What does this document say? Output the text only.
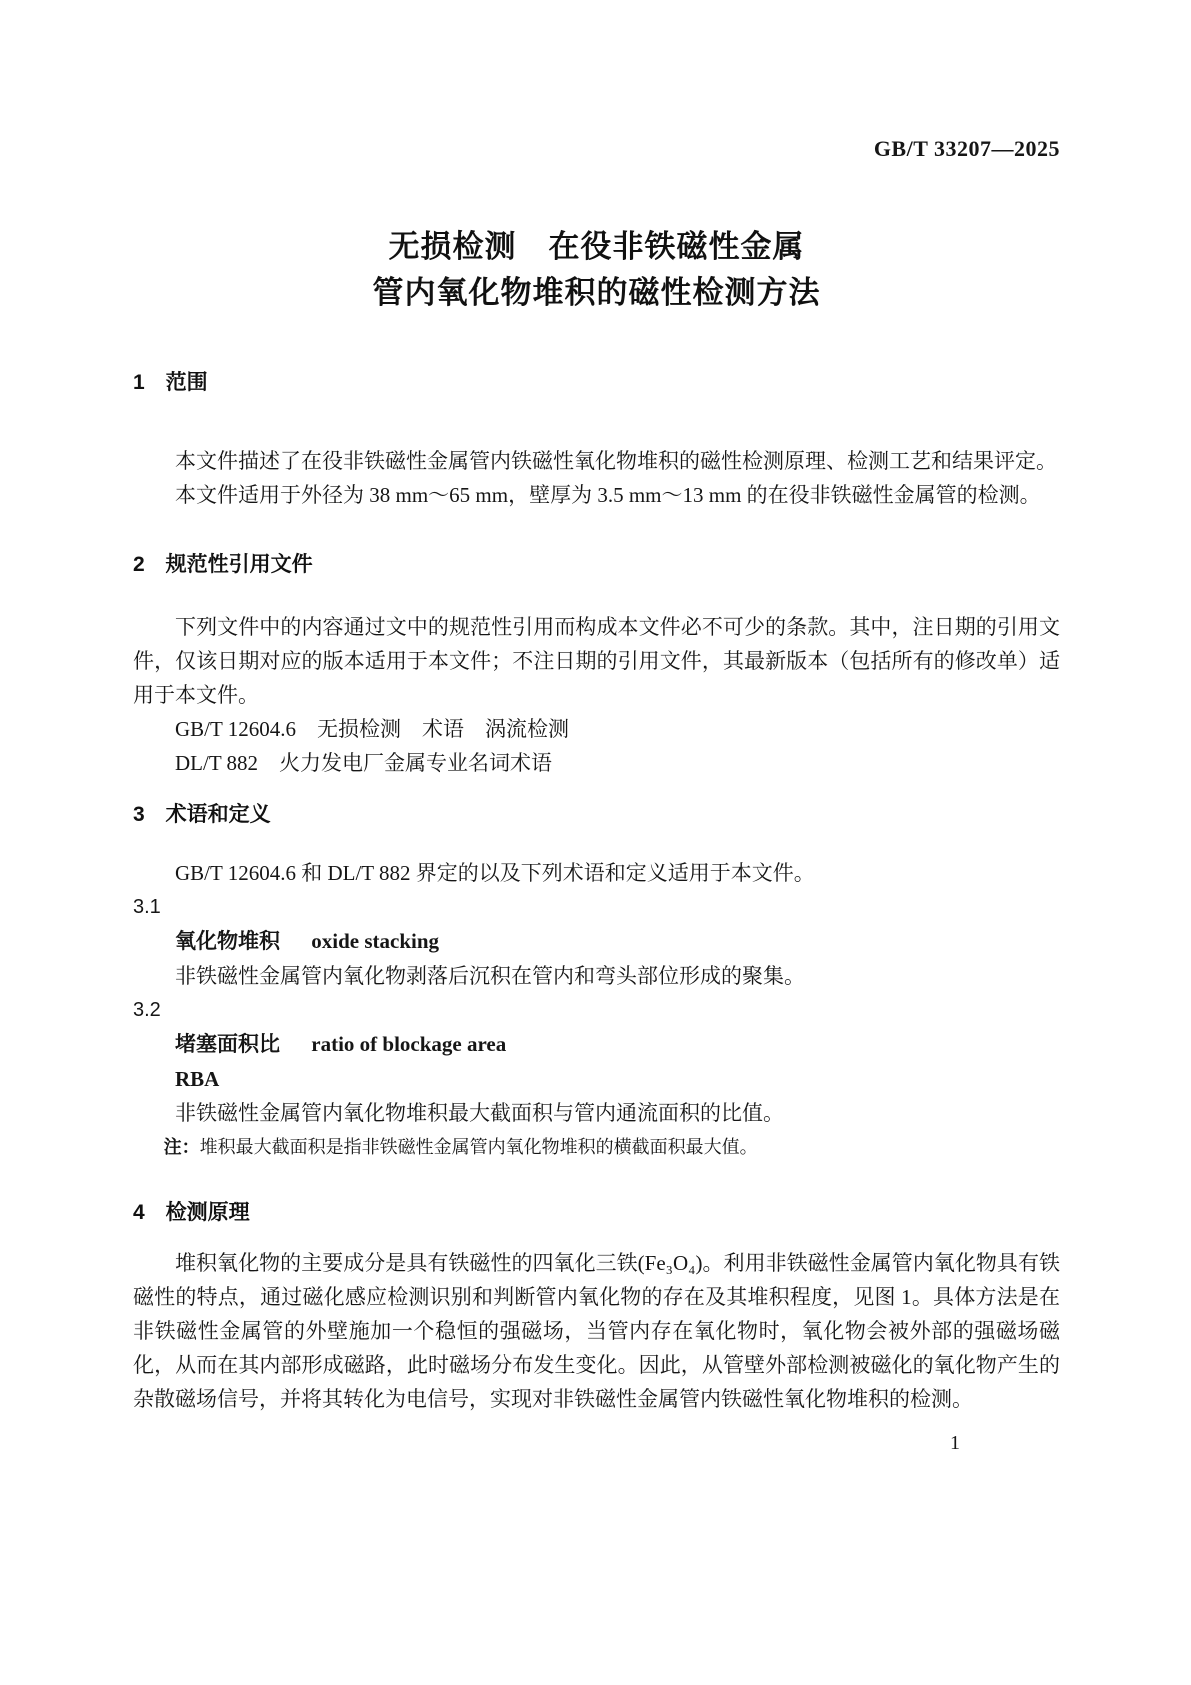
GB/T 33207—2025
无损检测　在役非铁磁性金属
管内氧化物堆积的磁性检测方法
1　范围

本文件描述了在役非铁磁性金属管内铁磁性氧化物堆积的磁性检测原理、检测工艺和结果评定。

本文件适用于外径为 38 mm～65 mm，壁厚为 3.5 mm～13 mm 的在役非铁磁性金属管的检测。

2　规范性引用文件

下列文件中的内容通过文中的规范性引用而构成本文件必不可少的条款。其中，注日期的引用文件，仅该日期对应的版本适用于本文件；不注日期的引用文件，其最新版本（包括所有的修改单）适用于本文件。

GB/T 12604.6　无损检测　术语　涡流检测
DL/T 882　火力发电厂金属专业名词术语
3　术语和定义

GB/T 12604.6 和 DL/T 882 界定的以及下列术语和定义适用于本文件。

3.1
氧化物堆积 oxide stacking

非铁磁性金属管内氧化物剥落后沉积在管内和弯头部位形成的聚集。

3.2
堵塞面积比 ratio of blockage area
RBA

非铁磁性金属管内氧化物堆积最大截面积与管内通流面积的比值。

注：堆积最大截面积是指非铁磁性金属管内氧化物堆积的横截面积最大值。

4　检测原理

堆积氧化物的主要成分是具有铁磁性的四氧化三铁(Fe₃O₄)。利用非铁磁性金属管内氧化物具有铁磁性的特点，通过磁化感应检测识别和判断管内氧化物的存在及其堆积程度，见图 1。具体方法是在非铁磁性金属管的外壁施加一个稳恒的强磁场，当管内存在氧化物时，氧化物会被外部的强磁场磁化，从而在其内部形成磁路，此时磁场分布发生变化。因此，从管壁外部检测被磁化的氧化物产生的杂散磁场信号，并将其转化为电信号，实现对非铁磁性金属管内铁磁性氧化物堆积的检测。

1
